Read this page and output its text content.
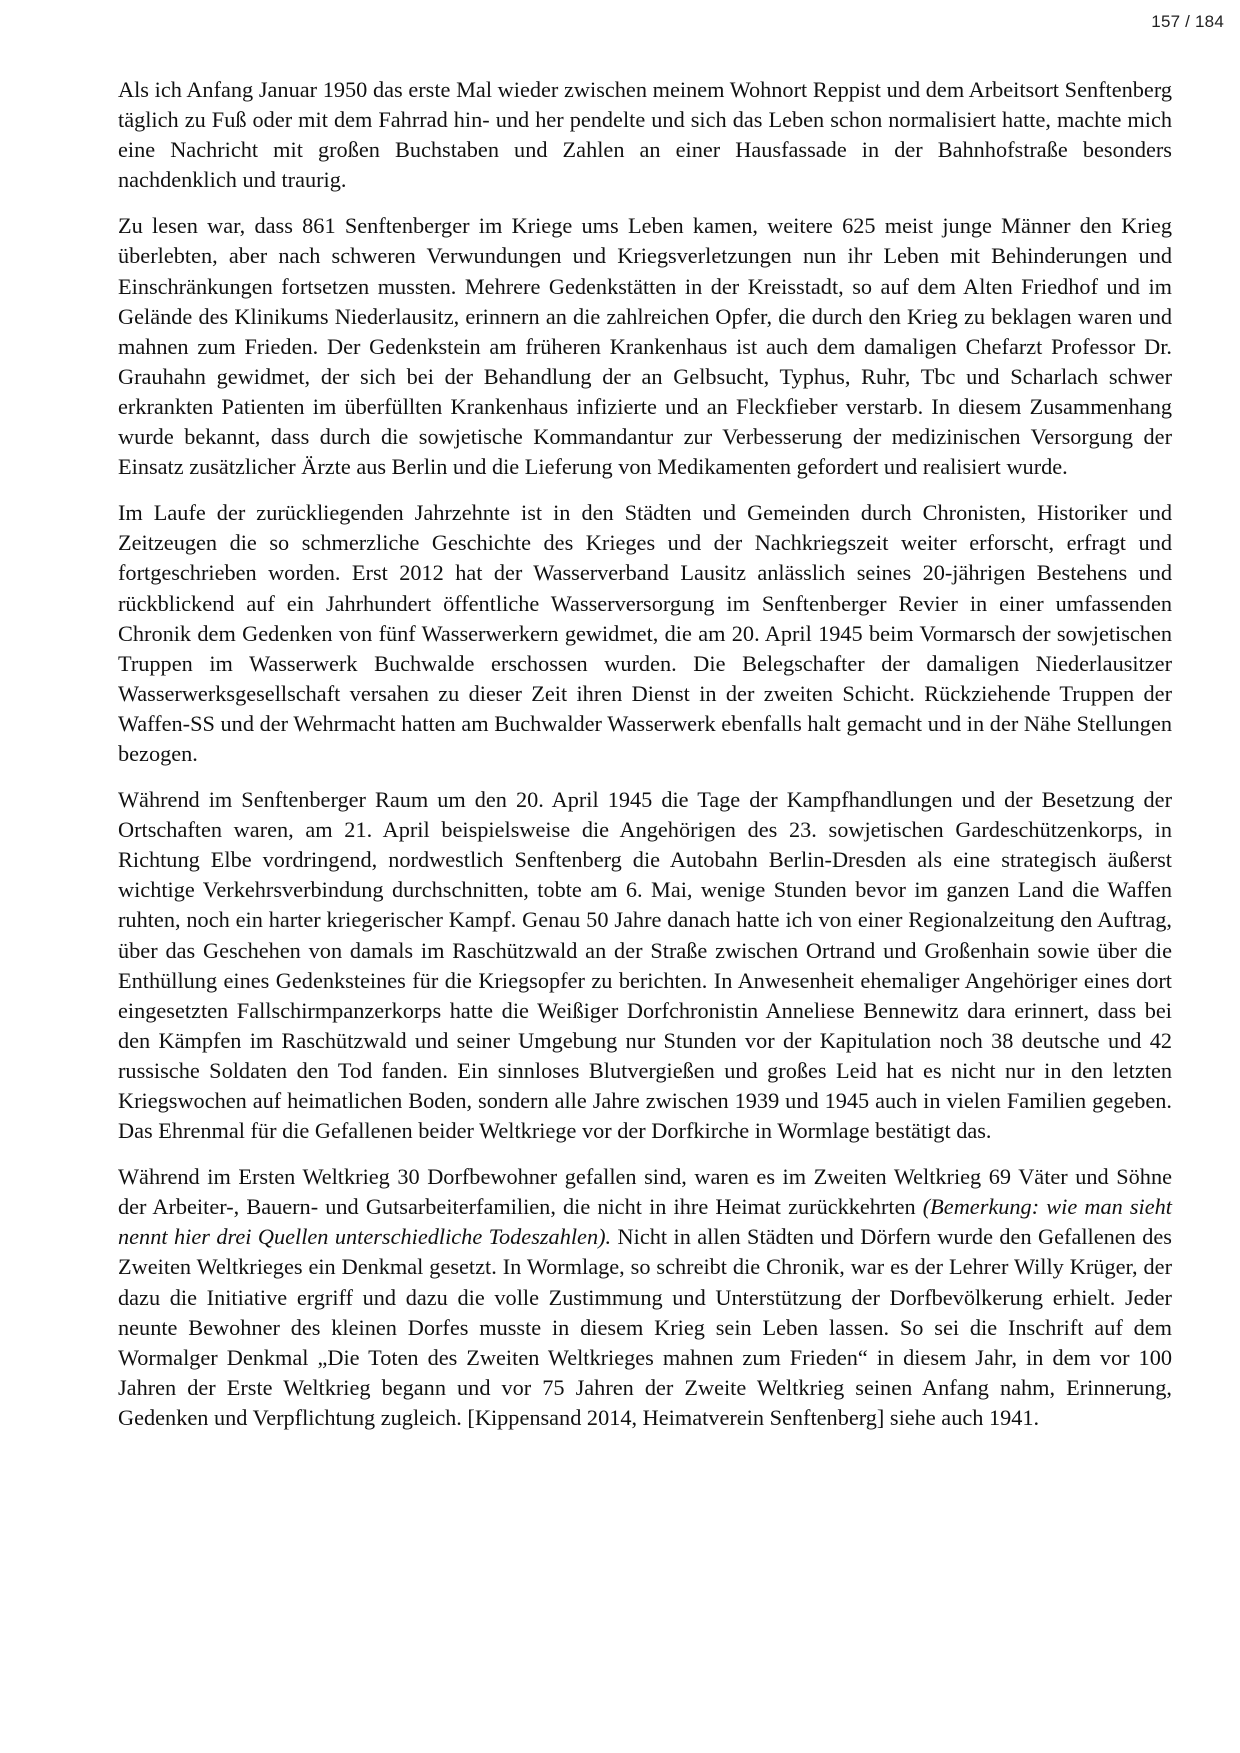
157 / 184

Als ich Anfang Januar 1950 das erste Mal wieder zwischen meinem Wohnort Reppist und dem Arbeitsort Senftenberg täglich zu Fuß oder mit dem Fahrrad hin- und her pendelte und sich das Leben schon normalisiert hatte, machte mich eine Nachricht mit großen Buchstaben und Zahlen an einer Hausfassade in der Bahnhofstraße besonders nachdenklich und traurig.

Zu lesen war, dass 861 Senftenberger im Kriege ums Leben kamen, weitere 625 meist junge Männer den Krieg überlebten, aber nach schweren Verwundungen und Kriegsverletzungen nun ihr Leben mit Behinderungen und Einschränkungen fortsetzen mussten. Mehrere Gedenkstätten in der Kreisstadt, so auf dem Alten Friedhof und im Gelände des Klinikums Niederlausitz, erinnern an die zahlreichen Opfer, die durch den Krieg zu beklagen waren und mahnen zum Frieden. Der Gedenkstein am früheren Krankenhaus ist auch dem damaligen Chefarzt Professor Dr. Grauhahn gewidmet, der sich bei der Behandlung der an Gelbsucht, Typhus, Ruhr, Tbc und Scharlach schwer erkrankten Patienten im überfüllten Krankenhaus infizierte und an Fleckfieber verstarb. In diesem Zusammenhang wurde bekannt, dass durch die sowjetische Kommandantur zur Verbesserung der medizinischen Versorgung der Einsatz zusätzlicher Ärzte aus Berlin und die Lieferung von Medikamenten gefordert und realisiert wurde.

Im Laufe der zurückliegenden Jahrzehnte ist in den Städten und Gemeinden durch Chronisten, Historiker und Zeitzeugen die so schmerzliche Geschichte des Krieges und der Nachkriegszeit weiter erforscht, erfragt und fortgeschrieben worden. Erst 2012 hat der Wasserverband Lausitz anlässlich seines 20-jährigen Bestehens und rückblickend auf ein Jahrhundert öffentliche Wasserversorgung im Senftenberger Revier in einer umfassenden Chronik dem Gedenken von fünf Wasserwerkern gewidmet, die am 20. April 1945 beim Vormarsch der sowjetischen Truppen im Wasserwerk Buchwalde erschossen wurden. Die Belegschafter der damaligen Niederlausitzer Wasserwerksgesellschaft versahen zu dieser Zeit ihren Dienst in der zweiten Schicht. Rückziehende Truppen der Waffen-SS und der Wehrmacht hatten am Buchwalder Wasserwerk ebenfalls halt gemacht und in der Nähe Stellungen bezogen.

Während im Senftenberger Raum um den 20. April 1945 die Tage der Kampfhandlungen und der Besetzung der Ortschaften waren, am 21. April beispielsweise die Angehörigen des 23. sowjetischen Gardeschützenkorps, in Richtung Elbe vordringend, nordwestlich Senftenberg die Autobahn Berlin-Dresden als eine strategisch äußerst wichtige Verkehrsverbindung durchschnitten, tobte am 6. Mai, wenige Stunden bevor im ganzen Land die Waffen ruhten, noch ein harter kriegerischer Kampf. Genau 50 Jahre danach hatte ich von einer Regionalzeitung den Auftrag, über das Geschehen von damals im Raschützwald an der Straße zwischen Ortrand und Großenhain sowie über die Enthüllung eines Gedenksteines für die Kriegsopfer zu berichten. In Anwesenheit ehemaliger Angehöriger eines dort eingesetzten Fallschirmpanzerkorps hatte die Weißiger Dorfchronistin Anneliese Bennewitz dara erinnert, dass bei den Kämpfen im Raschützwald und seiner Umgebung nur Stunden vor der Kapitulation noch 38 deutsche und 42 russische Soldaten den Tod fanden. Ein sinnloses Blutvergießen und großes Leid hat es nicht nur in den letzten Kriegswochen auf heimatlichen Boden, sondern alle Jahre zwischen 1939 und 1945 auch in vielen Familien gegeben. Das Ehrenmal für die Gefallenen beider Weltkriege vor der Dorfkirche in Wormlage bestätigt das.

Während im Ersten Weltkrieg 30 Dorfbewohner gefallen sind, waren es im Zweiten Weltkrieg 69 Väter und Söhne der Arbeiter-, Bauern- und Gutsarbeiterfamilien, die nicht in ihre Heimat zurückkehrten (Bemerkung: wie man sieht nennt hier drei Quellen unterschiedliche Todeszahlen). Nicht in allen Städten und Dörfern wurde den Gefallenen des Zweiten Weltkrieges ein Denkmal gesetzt. In Wormlage, so schreibt die Chronik, war es der Lehrer Willy Krüger, der dazu die Initiative ergriff und dazu die volle Zustimmung und Unterstützung der Dorfbevölkerung erhielt. Jeder neunte Bewohner des kleinen Dorfes musste in diesem Krieg sein Leben lassen. So sei die Inschrift auf dem Wormalger Denkmal „Die Toten des Zweiten Weltkrieges mahnen zum Frieden“ in diesem Jahr, in dem vor 100 Jahren der Erste Weltkrieg begann und vor 75 Jahren der Zweite Weltkrieg seinen Anfang nahm, Erinnerung, Gedenken und Verpflichtung zugleich. [Kippensand 2014, Heimatverein Senftenberg] siehe auch 1941.
